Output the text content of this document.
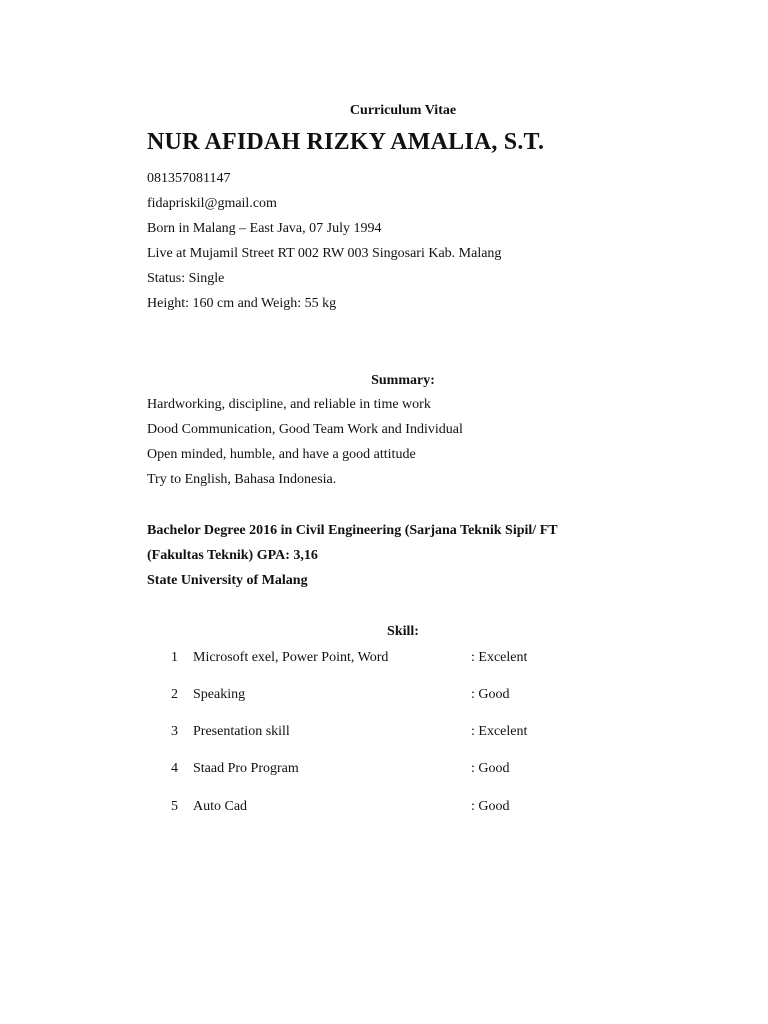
Curriculum Vitae
NUR AFIDAH RIZKY AMALIA, S.T.
081357081147
fidapriskil@gmail.com
Born in Malang – East Java, 07 July 1994
Live at Mujamil Street RT 002 RW 003 Singosari Kab. Malang
Status: Single
Height: 160 cm and Weigh: 55 kg
Summary:
Hardworking, discipline, and reliable in time work
Dood Communication, Good Team Work and Individual
Open minded, humble, and have a good attitude
Try to English, Bahasa Indonesia.
Bachelor Degree 2016 in Civil Engineering (Sarjana Teknik Sipil/ FT
(Fakultas Teknik) GPA: 3,16
State University of Malang
Skill:
1 Microsoft exel, Power Point, Word	: Excelent
2 Speaking	: Good
3 Presentation skill	: Excelent
4 Staad Pro Program	: Good
5 Auto Cad	: Good
